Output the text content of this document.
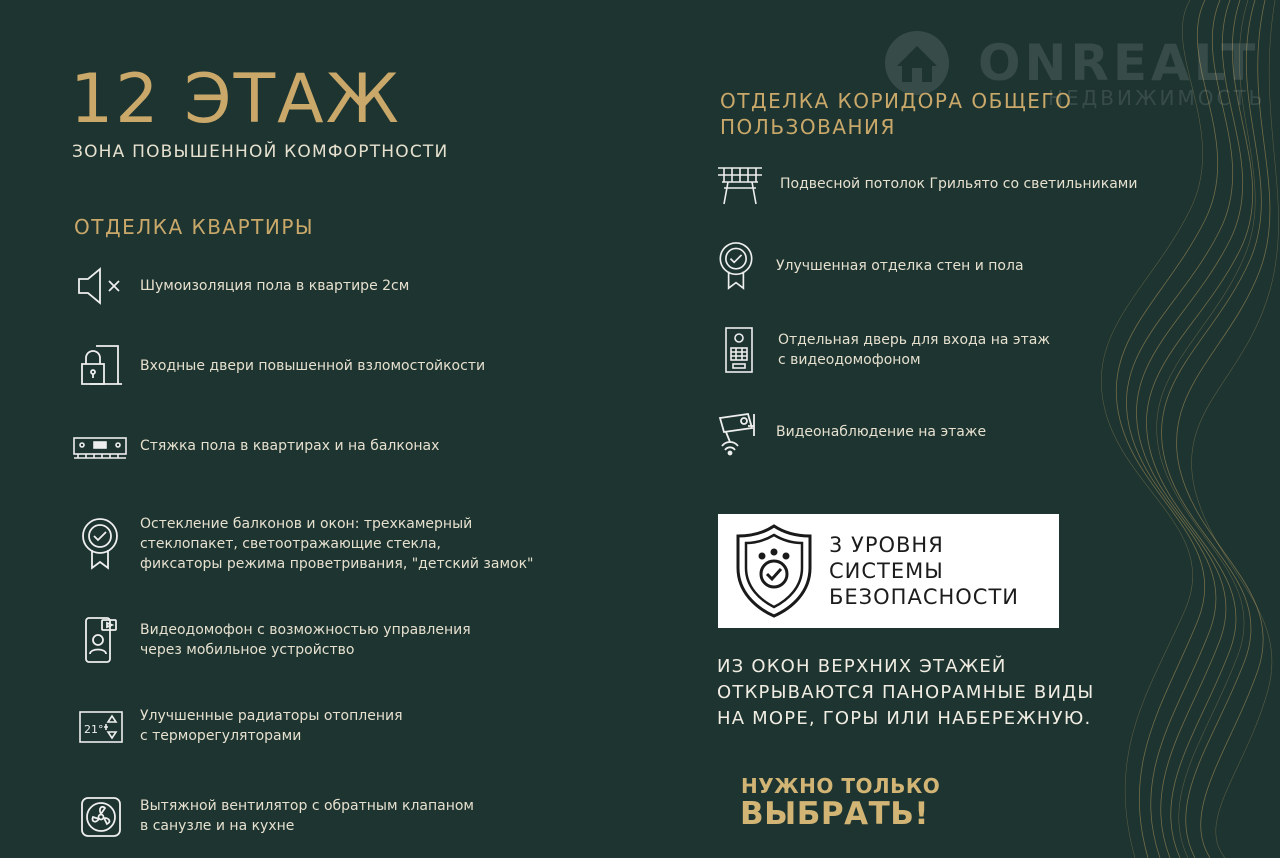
ONREALT
НЕДВИЖИМОСТЬ
12 ЭТАЖ
ЗОНА ПОВЫШЕННОЙ КОМФОРТНОСТИ
ОТДЕЛКА КВАРТИРЫ
Шумоизоляция пола в квартире 2см
Входные двери повышенной взломостойкости
Стяжка пола в квартирах и на балконах
Остекление балконов и окон: трехкамерный
стеклопакет, светоотражающие стекла,
фиксаторы режима проветривания, "детский замок"
Видеодомофон с возможностью управления
через мобильное устройство
21°
Улучшенные радиаторы отопления
с терморегуляторами
Вытяжной вентилятор с обратным клапаном
в санузле и на кухне
ОТДЕЛКА КОРИДОРА ОБЩЕГО
ПОЛЬЗОВАНИЯ
Подвесной потолок Грильято со светильниками
Улучшенная отделка стен и пола
Отдельная дверь для входа на этаж
с видеодомофоном
Видеонаблюдение на этаже
3 УРОВНЯ
СИСТЕМЫ
БЕЗОПАСНОСТИ
ИЗ ОКОН ВЕРХНИХ ЭТАЖЕЙ
ОТКРЫВАЮТСЯ ПАНОРАМНЫЕ ВИДЫ
НА МОРЕ, ГОРЫ ИЛИ НАБЕРЕЖНУЮ.
НУЖНО ТОЛЬКО
ВЫБРАТЬ!
